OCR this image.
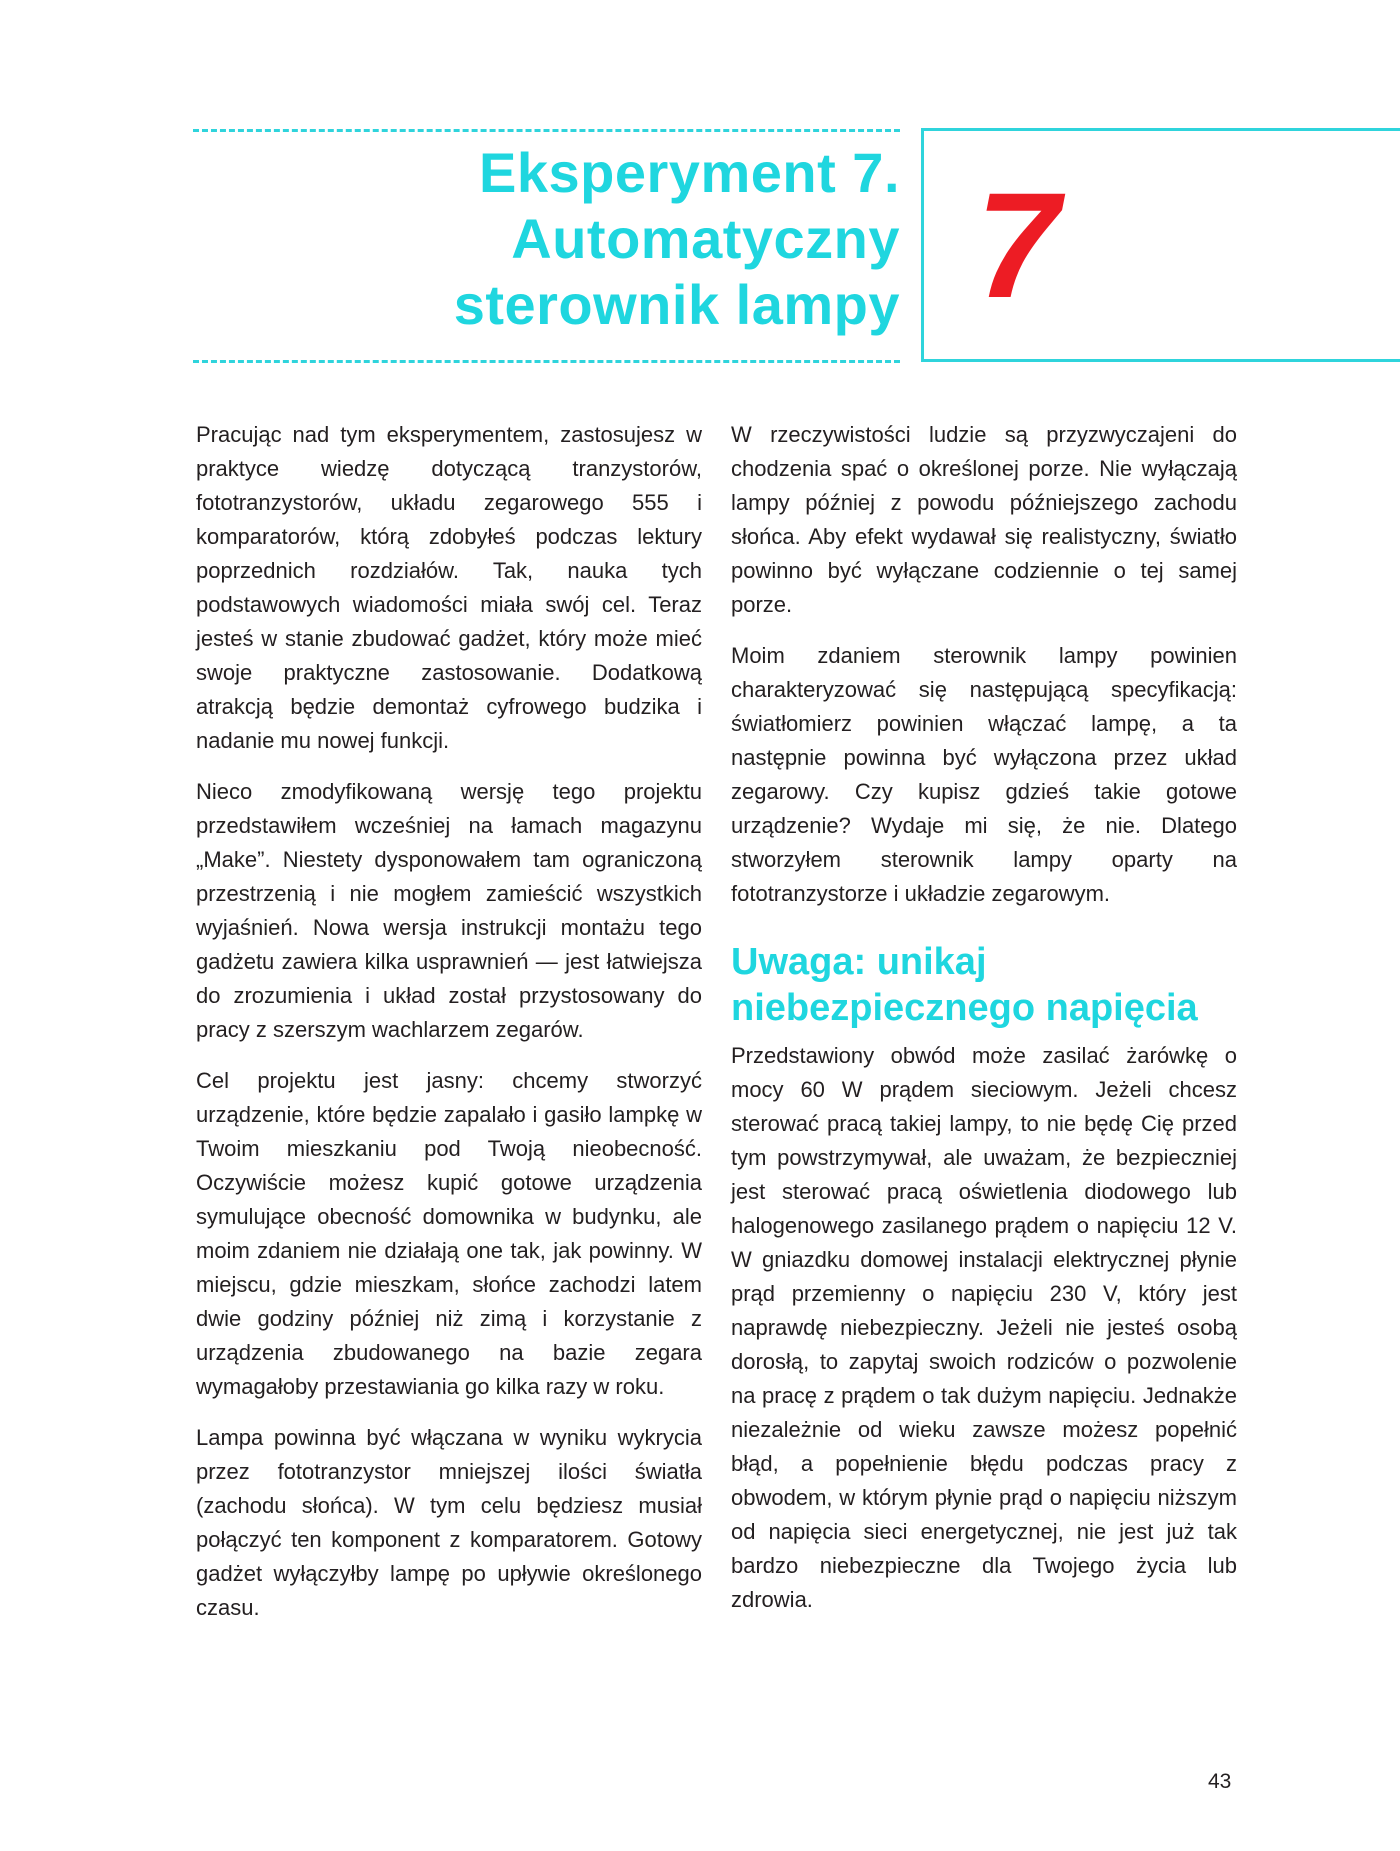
Eksperyment 7.
Automatyczny
sterownik lampy 7

Pracując nad tym eksperymentem, zastosujesz w praktyce wiedzę dotyczącą tranzystorów, fototranzystorów, układu zegarowego 555 i komparatorów, którą zdobyłeś podczas lektury poprzednich rozdziałów. Tak, nauka tych podstawowych wiadomości miała swój cel. Teraz jesteś w stanie zbudować gadżet, który może mieć swoje praktyczne zastosowanie. Dodatkową atrakcją będzie demontaż cyfrowego budzika i nadanie mu nowej funkcji.

Nieco zmodyfikowaną wersję tego projektu przedstawiłem wcześniej na łamach magazynu „Make”. Niestety dysponowałem tam ograniczoną przestrzenią i nie mogłem zamieścić wszystkich wyjaśnień. Nowa wersja instrukcji montażu tego gadżetu zawiera kilka usprawnień — jest łatwiejsza do zrozumienia i układ został przystosowany do pracy z szerszym wachlarzem zegarów.

Cel projektu jest jasny: chcemy stworzyć urządzenie, które będzie zapalało i gasiło lampkę w Twoim mieszkaniu pod Twoją nieobecność. Oczywiście możesz kupić gotowe urządzenia symulujące obecność domownika w budynku, ale moim zdaniem nie działają one tak, jak powinny. W miejscu, gdzie mieszkam, słońce zachodzi latem dwie godziny później niż zimą i korzystanie z urządzenia zbudowanego na bazie zegara wymagałoby przestawiania go kilka razy w roku.

Lampa powinna być włączana w wyniku wykrycia przez fototranzystor mniejszej ilości światła (zachodu słońca). W tym celu będziesz musiał połączyć ten komponent z komparatorem. Gotowy gadżet wyłączyłby lampę po upływie określonego czasu.

W rzeczywistości ludzie są przyzwyczajeni do chodzenia spać o określonej porze. Nie wyłączają lampy później z powodu późniejszego zachodu słońca. Aby efekt wydawał się realistyczny, światło powinno być wyłączane codziennie o tej samej porze.

Moim zdaniem sterownik lampy powinien charakteryzować się następującą specyfikacją: światłomierz powinien włączać lampę, a ta następnie powinna być wyłączona przez układ zegarowy. Czy kupisz gdzieś takie gotowe urządzenie? Wydaje mi się, że nie. Dlatego stworzyłem sterownik lampy oparty na fototranzystorze i układzie zegarowym.

Uwaga: unikaj
niebezpiecznego napięcia

Przedstawiony obwód może zasilać żarówkę o mocy 60 W prądem sieciowym. Jeżeli chcesz sterować pracą takiej lampy, to nie będę Cię przed tym powstrzymywał, ale uważam, że bezpieczniej jest sterować pracą oświetlenia diodowego lub halogenowego zasilanego prądem o napięciu 12 V. W gniazdku domowej instalacji elektrycznej płynie prąd przemienny o napięciu 230 V, który jest naprawdę niebezpieczny. Jeżeli nie jesteś osobą dorosłą, to zapytaj swoich rodziców o pozwolenie na pracę z prądem o tak dużym napięciu. Jednakże niezależnie od wieku zawsze możesz popełnić błąd, a popełnienie błędu podczas pracy z obwodem, w którym płynie prąd o napięciu niższym od napięcia sieci energetycznej, nie jest już tak bardzo niebezpieczne dla Twojego życia lub zdrowia.

43
